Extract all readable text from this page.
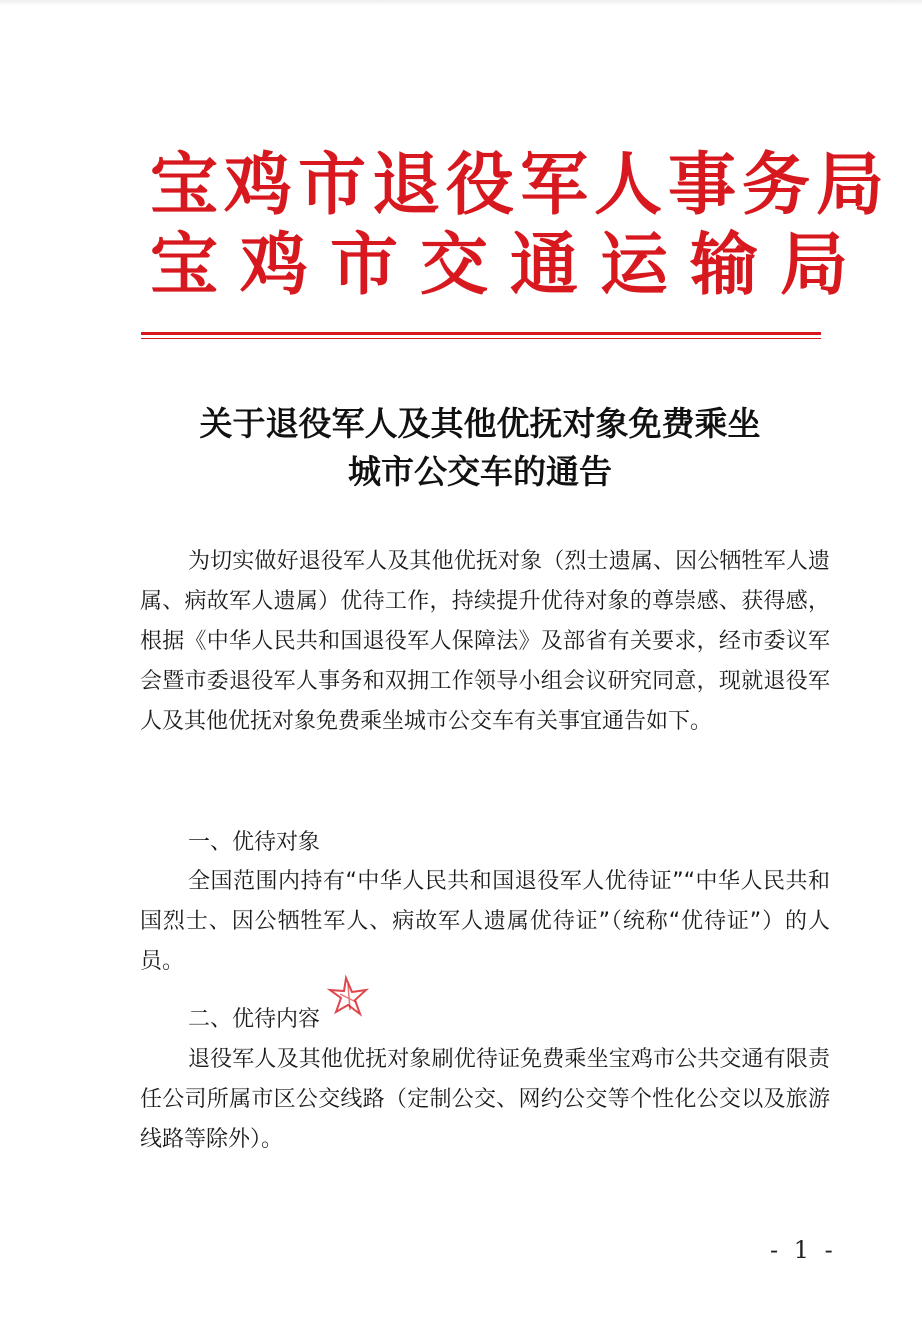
宝鸡市退役军人事务局
宝鸡市交通运输局
关于退役军人及其他优抚对象免费乘坐
城市公交车的通告

为切实做好退役军人及其他优抚对象（烈士遗属、因公牺牲军人遗属、病故军人遗属）优待工作，持续提升优待对象的尊崇感、获得感，根据《中华人民共和国退役军人保障法》及部省有关要求，经市委议军会暨市委退役军人事务和双拥工作领导小组会议研究同意，现就退役军人及其他优抚对象免费乘坐城市公交车有关事宜通告如下。

一、优待对象

全国范围内持有“中华人民共和国退役军人优待证”“中华人民共和国烈士、因公牺牲军人、病故军人遗属优待证”（统称“优待证”）的人员。

二、优待内容

退役军人及其他优抚对象刷优待证免费乘坐宝鸡市公共交通有限责任公司所属市区公交线路（定制公交、网约公交等个性化公交以及旅游线路等除外）。

- 1 -
